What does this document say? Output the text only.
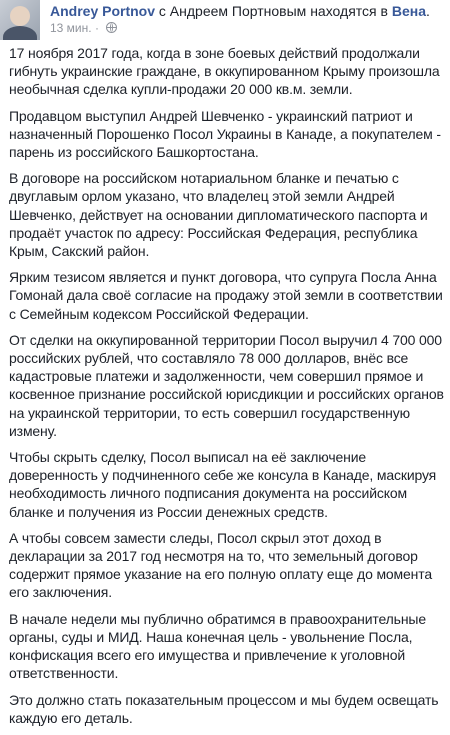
Andrey Portnov с Андреем Портновым находятся в Вена.
13 мин. ·

17 ноября 2017 года, когда в зоне боевых действий продолжали гибнуть украинские граждане, в оккупированном Крыму произошла необычная сделка купли-продажи 20 000 кв.м. земли.

Продавцом выступил Андрей Шевченко - украинский патриот и назначенный Порошенко Посол Украины в Канаде, а покупателем - парень из российского Башкортостана.

В договоре на российском нотариальном бланке и печатью с двуглавым орлом указано, что владелец этой земли Андрей Шевченко, действует на основании дипломатического паспорта и продаёт участок по адресу: Российская Федерация, республика Крым, Сакский район.

Ярким тезисом является и пункт договора, что супруга Посла Анна Гомонай дала своё согласие на продажу этой земли в соответствии с Семейным кодексом Российской Федерации.

От сделки на оккупированной территории Посол выручил 4 700 000 российских рублей, что составляло 78 000 долларов, внёс все кадастровые платежи и задолженности, чем совершил прямое и косвенное признание российской юрисдикции и российских органов на украинской территории, то есть совершил государственную измену.

Чтобы скрыть сделку, Посол выписал на её заключение доверенность у подчиненного себе же консула в Канаде, маскируя необходимость личного подписания документа на российском бланке и получения из России денежных средств.

А чтобы совсем замести следы, Посол скрыл этот доход в декларации за 2017 год несмотря на то, что земельный договор содержит прямое указание на его полную оплату еще до момента его заключения.

В начале недели мы публично обратимся в правоохранительные органы, суды и МИД. Наша конечная цель - увольнение Посла, конфискация всего его имущества и привлечение к уголовной ответственности.

Это должно стать показательным процессом и мы будем освещать каждую его деталь.
